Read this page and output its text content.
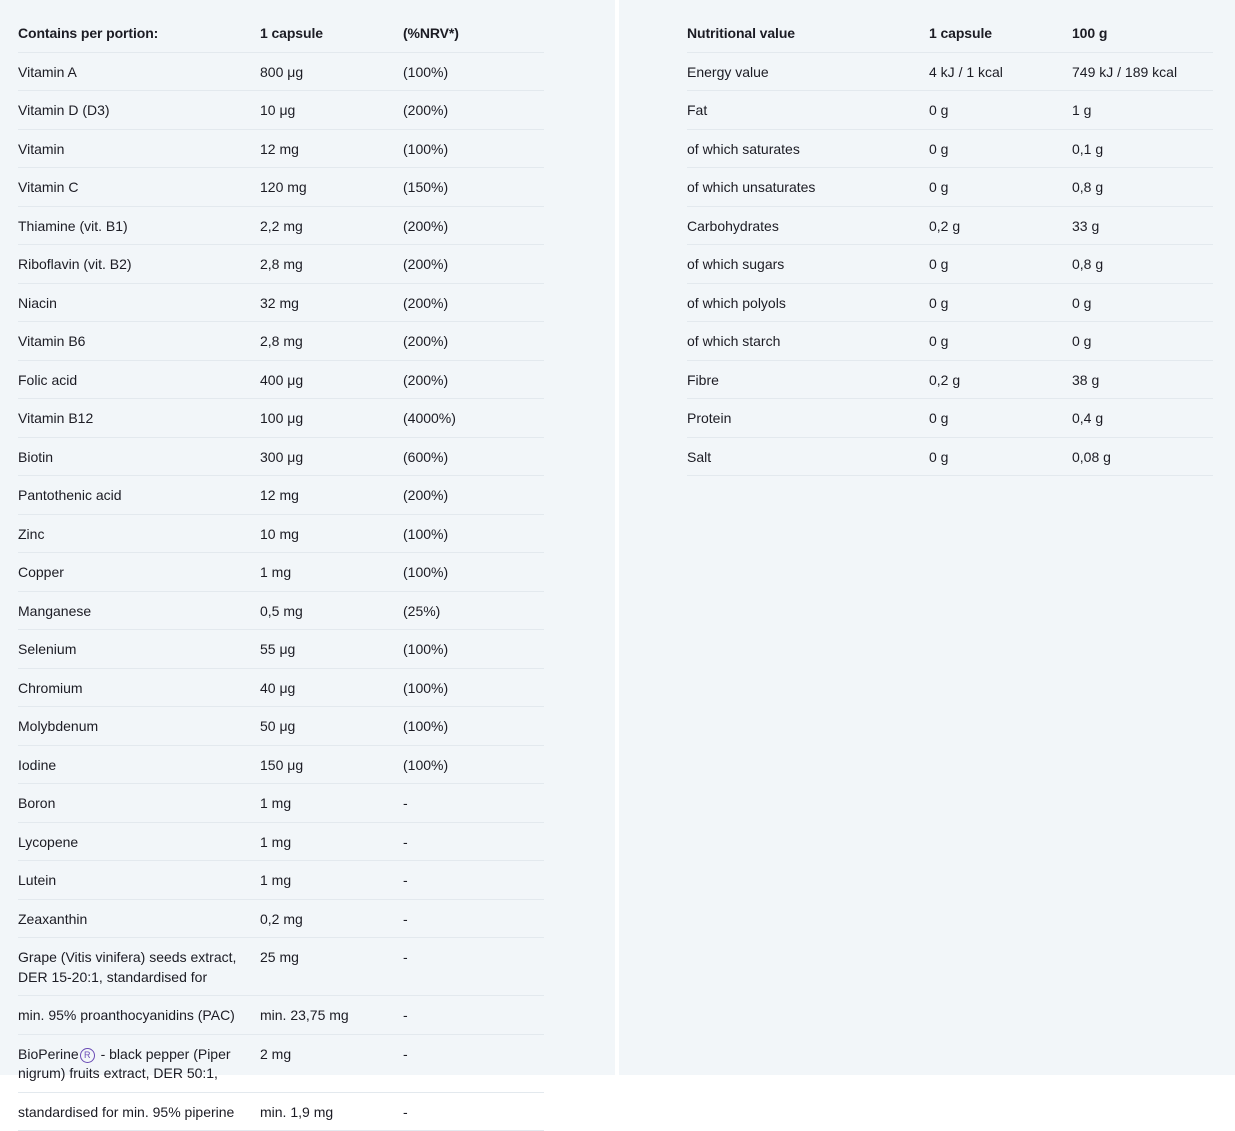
Contains per portion:	1 capsule	(%NRV*)
Vitamin A	800 μg	(100%)
Vitamin D (D3)	10 μg	(200%)
Vitamin	12 mg	(100%)
Vitamin C	120 mg	(150%)
Thiamine (vit. B1)	2,2 mg	(200%)
Riboflavin (vit. B2)	2,8 mg	(200%)
Niacin	32 mg	(200%)
Vitamin B6	2,8 mg	(200%)
Folic acid	400 μg	(200%)
Vitamin B12	100 μg	(4000%)
Biotin	300 μg	(600%)
Pantothenic acid	12 mg	(200%)
Zinc	10 mg	(100%)
Copper	1 mg	(100%)
Manganese	0,5 mg	(25%)
Selenium	55 μg	(100%)
Chromium	40 μg	(100%)
Molybdenum	50 μg	(100%)
Iodine	150 μg	(100%)
Boron	1 mg	-
Lycopene	1 mg	-
Lutein	1 mg	-
Zeaxanthin	0,2 mg	-
Grape (Vitis vinifera) seeds extract, DER 15-20:1, standardised for	25 mg	-
min. 95% proanthocyanidins (PAC)	min. 23,75 mg	-
BioPerine R - black pepper (Piper nigrum) fruits extract, DER 50:1,	2 mg	-
standardised for min. 95% piperine	min. 1,9 mg	-
Nutritional value	1 capsule	100 g
Energy value	4 kJ / 1 kcal	749 kJ / 189 kcal
Fat	0 g	1 g
of which saturates	0 g	0,1 g
of which unsaturates	0 g	0,8 g
Carbohydrates	0,2 g	33 g
of which sugars	0 g	0,8 g
of which polyols	0 g	0 g
of which starch	0 g	0 g
Fibre	0,2 g	38 g
Protein	0 g	0,4 g
Salt	0 g	0,08 g
